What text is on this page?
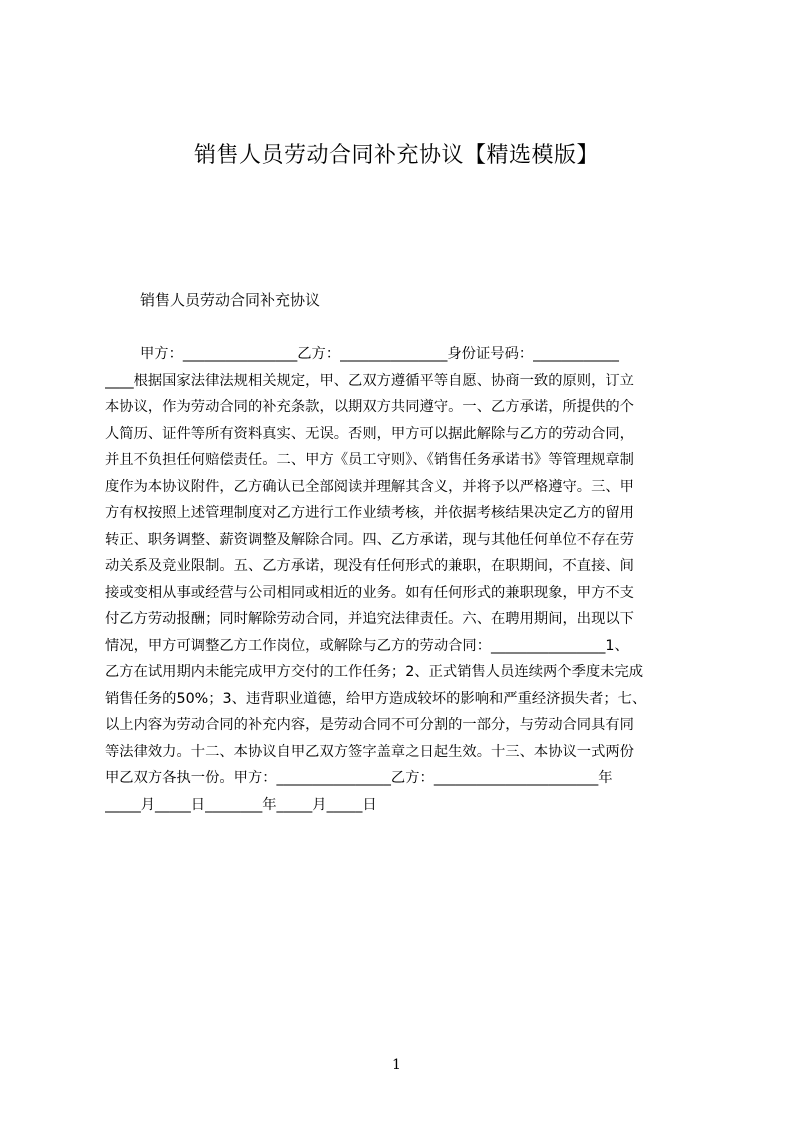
销售人员劳动合同补充协议【精选模版】
销售人员劳动合同补充协议
甲方：________________乙方：_______________身份证号码：____________
____根据国家法律法规相关规定，甲、乙双方遵循平等自愿、协商一致的原则，订立
本协议，作为劳动合同的补充条款，以期双方共同遵守。一、乙方承诺，所提供的个
人简历、证件等所有资料真实、无误。否则，甲方可以据此解除与乙方的劳动合同，
并且不负担任何赔偿责任。二、甲方《员工守则》、《销售任务承诺书》等管理规章制
度作为本协议附件，乙方确认已全部阅读并理解其含义，并将予以严格遵守。三、甲
方有权按照上述管理制度对乙方进行工作业绩考核，并依据考核结果决定乙方的留用
转正、职务调整、薪资调整及解除合同。四、乙方承诺，现与其他任何单位不存在劳
动关系及竞业限制。五、乙方承诺，现没有任何形式的兼职，在职期间，不直接、间
接或变相从事或经营与公司相同或相近的业务。如有任何形式的兼职现象，甲方不支
付乙方劳动报酬；同时解除劳动合同，并追究法律责任。六、在聘用期间，出现以下
情况，甲方可调整乙方工作岗位，或解除与乙方的劳动合同：________________1、
乙方在试用期内未能完成甲方交付的工作任务；2、正式销售人员连续两个季度未完成
销售任务的50%；3、违背职业道德，给甲方造成较坏的影响和严重经济损失者；七、
以上内容为劳动合同的补充内容，是劳动合同不可分割的一部分，与劳动合同具有同
等法律效力。十二、本协议自甲乙双方签字盖章之日起生效。十三、本协议一式两份
甲乙双方各执一份。甲方：________________乙方：_______________________年
_____月_____日________年_____月_____日
1
